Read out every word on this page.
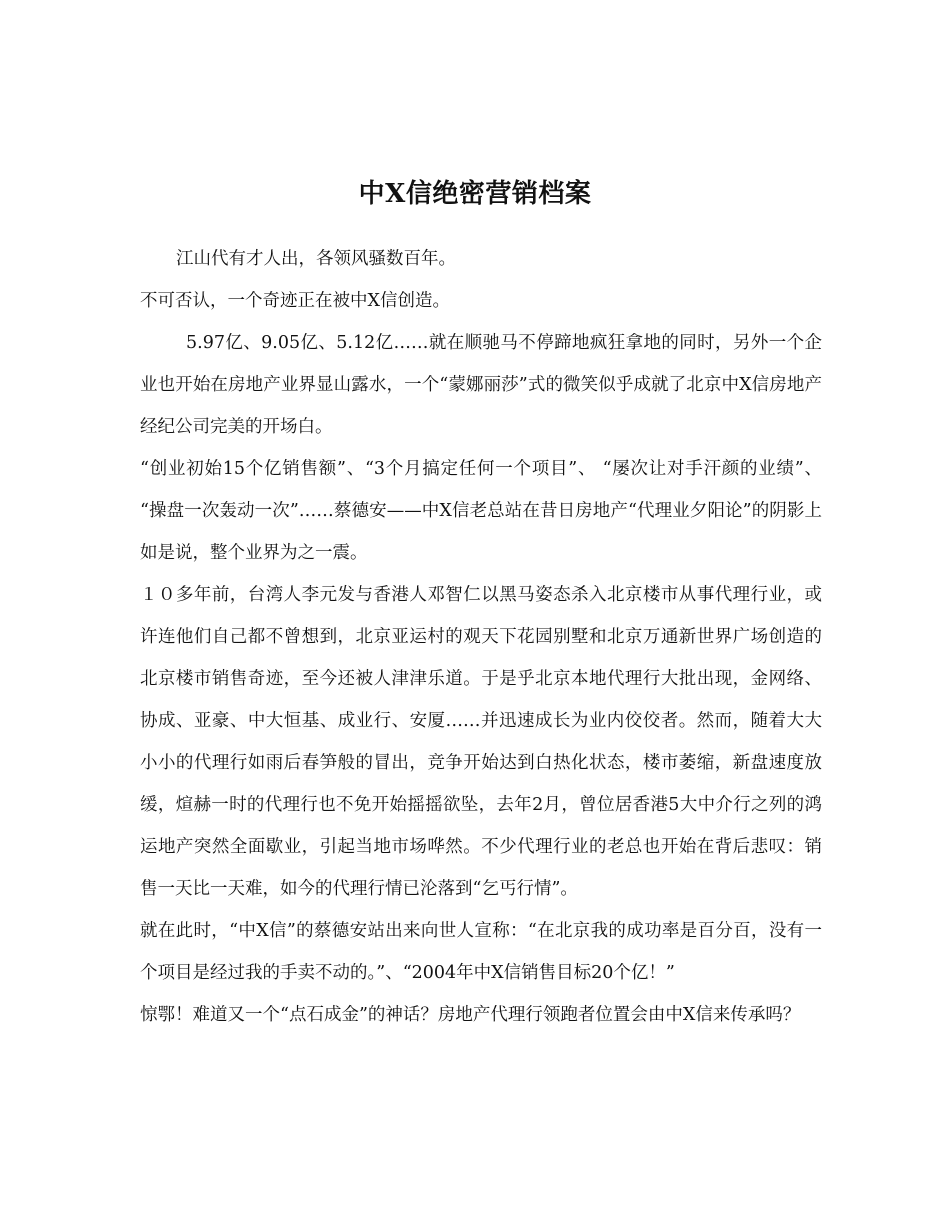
中X信绝密营销档案

江山代有才人出，各领风骚数百年。

不可否认，一个奇迹正在被中X信创造。

5.97亿、9.05亿、5.12亿……就在顺驰马不停蹄地疯狂拿地的同时，另外一个企业也开始在房地产业界显山露水，一个“蒙娜丽莎”式的微笑似乎成就了北京中X信房地产经纪公司完美的开场白。

“创业初始15个亿销售额”、“3个月搞定任何一个项目”、 “屡次让对手汗颜的业绩”、 “操盘一次轰动一次”……蔡德安——中X信老总站在昔日房地产“代理业夕阳论”的阴影上如是说，整个业界为之一震。

１０多年前，台湾人李元发与香港人邓智仁以黑马姿态杀入北京楼市从事代理行业，或许连他们自己都不曾想到，北京亚运村的观天下花园别墅和北京万通新世界广场创造的北京楼市销售奇迹，至今还被人津津乐道。于是乎北京本地代理行大批出现，金网络、协成、亚豪、中大恒基、成业行、安厦……并迅速成长为业内佼佼者。然而，随着大大小小的代理行如雨后春笋般的冒出，竞争开始达到白热化状态，楼市萎缩，新盘速度放缓，煊赫一时的代理行也不免开始摇摇欲坠，去年2月，曾位居香港5大中介行之列的鸿运地产突然全面歇业，引起当地市场哗然。不少代理行业的老总也开始在背后悲叹：销售一天比一天难，如今的代理行情已沦落到“乞丐行情”。

就在此时，“中X信”的蔡德安站出来向世人宣称：“在北京我的成功率是百分百，没有一个项目是经过我的手卖不动的。”、“2004年中X信销售目标20个亿！”

惊鄂！难道又一个“点石成金”的神话？房地产代理行领跑者位置会由中X信来传承吗？
